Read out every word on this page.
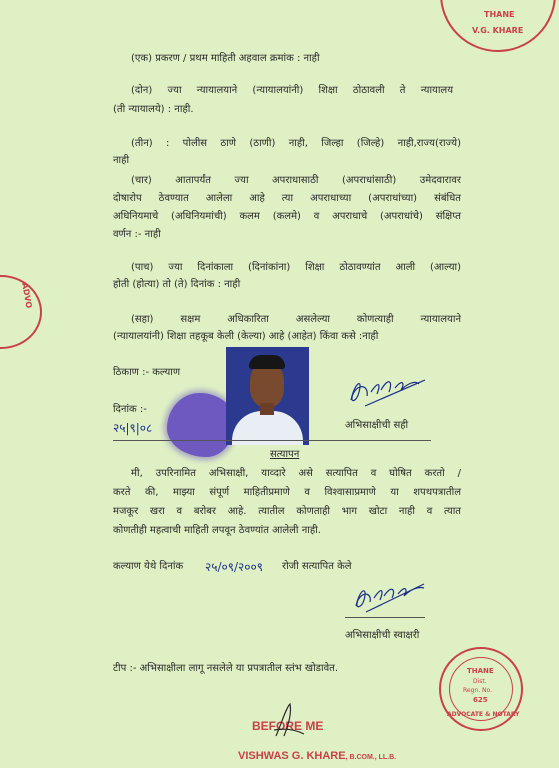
V.G. KHARE
THANE
ADVO
(एक) प्रकरण / प्रथम माहिती अहवाल क्रमांक : नाही
(दोन) ज्या न्यायालयाने (न्यायालयांनी) शिक्षा ठोठावली ते न्यायालय
(ती न्यायालये) : नाही.
(तीन) : पोलीस ठाणे (ठाणी) नाही, जिल्हा (जिल्हे) नाही,राज्य(राज्ये)
नाही
(चार) आतापर्यंत ज्या अपराधासाठी (अपराधांसाठी) उमेदवारावर
दोषारोप ठेवण्यात आलेला आहे त्या अपराधाच्या (अपराधांच्या) संबंधित
अधिनियमाचे (अधिनियमांची) कलम (कलमे) व अपराधाचे (अपराधांचे) संक्षिप्त
वर्णन :- नाही
(पाच) ज्या दिनांकाला (दिनांकांना) शिक्षा ठोठावण्यांत आली (आल्या)
होती (होत्या) तो (ते) दिनांक : नाही
(सहा) सक्षम अधिकारिता असलेल्या कोणत्याही न्यायालयाने
(न्यायालयांनी) शिक्षा तहकूब केली (केल्या) आहे (आहेत) किंवा कसे :नाही
ठिकाण :- कल्याण
दिनांक :-
२५|९|०८	अभिसाक्षीची सही
सत्यापन
मी, उपरिनामित अभिसाक्षी, याव्दारे असे सत्यापित व घोषित करतो /
करते की, माझ्या संपूर्ण माहितीप्रमाणे व विश्वासाप्रमाणे या शपथपत्रातील
मजकूर खरा व बरोबर आहे. त्यातील कोणताही भाग खोटा नाही व त्यात
कोणतीही महत्वाची माहिती लपवून ठेवण्यांत आलेली नाही.
कल्याण येथे दिनांक २५/०९/२००९ रोजी सत्यापित केले
अभिसाक्षीची स्वाक्षरी
टीप :- अभिसाक्षीला लागू नसलेले या प्रपत्रातील स्तंभ खोडावेत.
ADVOCATE & NOTARY
THANE
Dist.
Regn. No.
625
BEFORE ME
VISHWAS G. KHARE, B.COM., LL.B.
